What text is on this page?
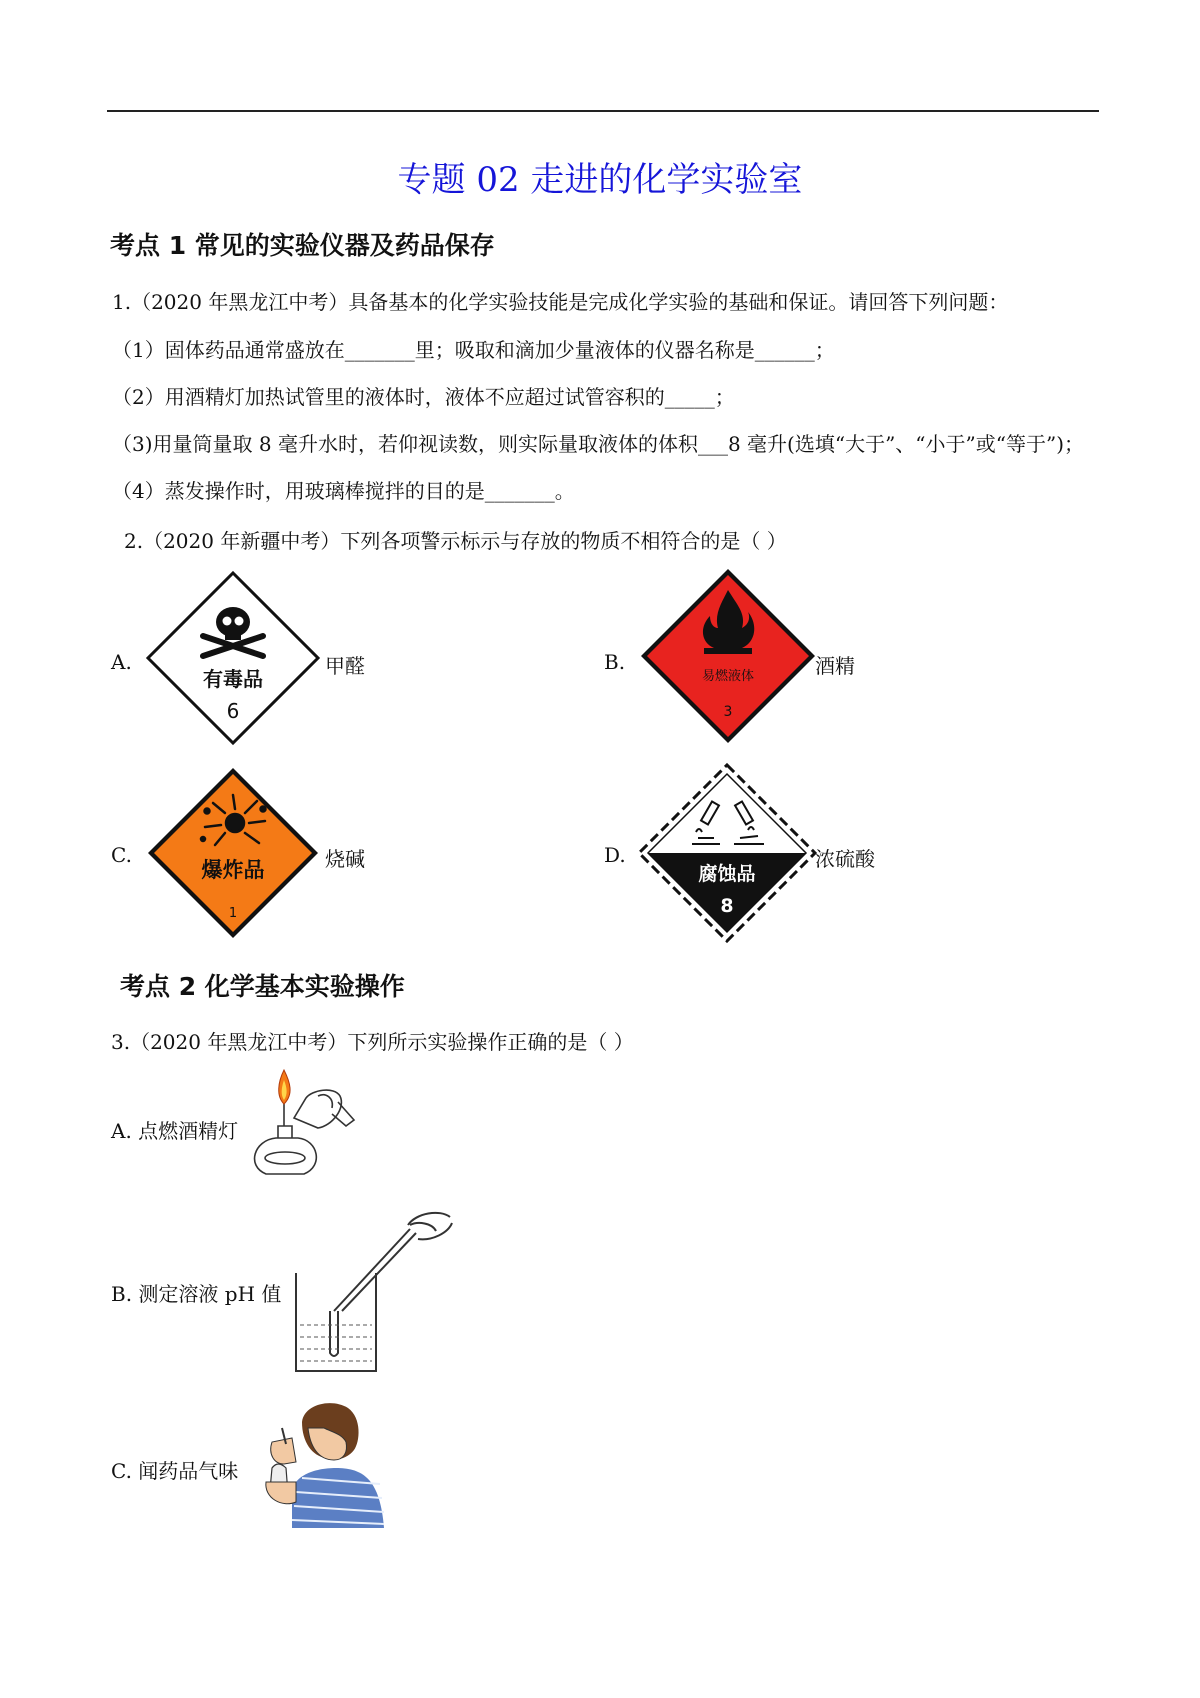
专题 02 走进的化学实验室
考点 1 常见的实验仪器及药品保存
1.（2020 年黑龙江中考）具备基本的化学实验技能是完成化学实验的基础和保证。请回答下列问题：
（1）固体药品通常盛放在_______里；吸取和滴加少量液体的仪器名称是______；
（2）用酒精灯加热试管里的液体时，液体不应超过试管容积的_____；
（3)用量筒量取 8 毫升水时，若仰视读数，则实际量取液体的体积___8 毫升(选填“大于”、“小于”或“等于”)；
（4）蒸发操作时，用玻璃棒搅拌的目的是_______。
2.（2020 年新疆中考）下列各项警示标示与存放的物质不相符合的是（ ）
A.
有毒品
6
甲醛	B.
易燃液体
3
酒精
C.
爆炸品
1
烧碱	D.
腐蚀品
8
浓硫酸
考点 2 化学基本实验操作
3.（2020 年黑龙江中考）下列所示实验操作正确的是（ ）
A. 点燃酒精灯
B. 测定溶液 pH 值
C. 闻药品气味
